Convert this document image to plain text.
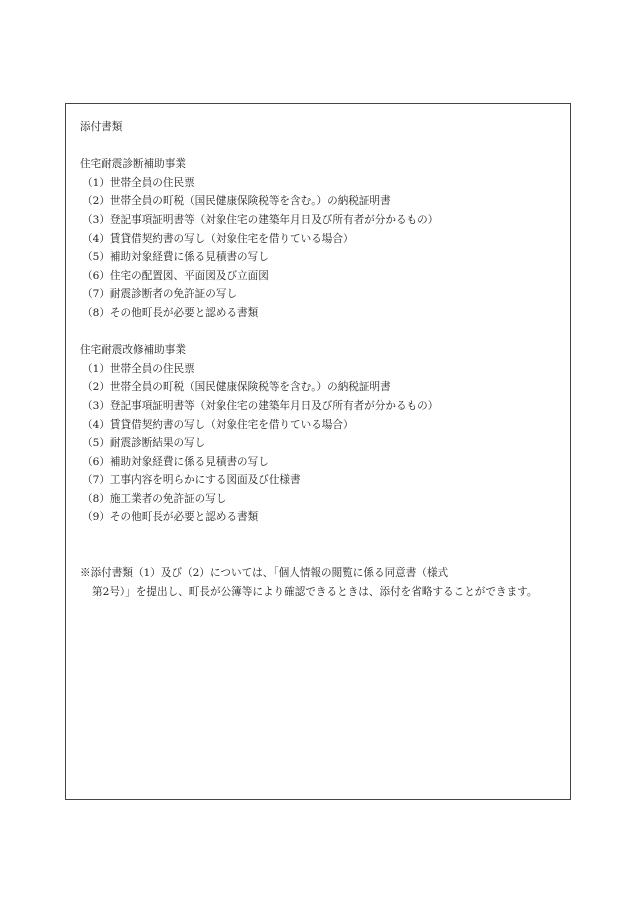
添付書類
住宅耐震診断補助事業
（1）世帯全員の住民票
（2）世帯全員の町税（国民健康保険税等を含む。）の納税証明書
（3）登記事項証明書等（対象住宅の建築年月日及び所有者が分かるもの）
（4）賃貸借契約書の写し（対象住宅を借りている場合）
（5）補助対象経費に係る見積書の写し
（6）住宅の配置図、平面図及び立面図
（7）耐震診断者の免許証の写し
（8）その他町長が必要と認める書類
住宅耐震改修補助事業
（1）世帯全員の住民票
（2）世帯全員の町税（国民健康保険税等を含む。）の納税証明書
（3）登記事項証明書等（対象住宅の建築年月日及び所有者が分かるもの）
（4）賃貸借契約書の写し（対象住宅を借りている場合）
（5）耐震診断結果の写し
（6）補助対象経費に係る見積書の写し
（7）工事内容を明らかにする図面及び仕様書
（8）施工業者の免許証の写し
（9）その他町長が必要と認める書類
※添付書類（1）及び（2）については、「個人情報の閲覧に係る同意書（様式
第2号）」を提出し、町長が公簿等により確認できるときは、添付を省略することができます。
